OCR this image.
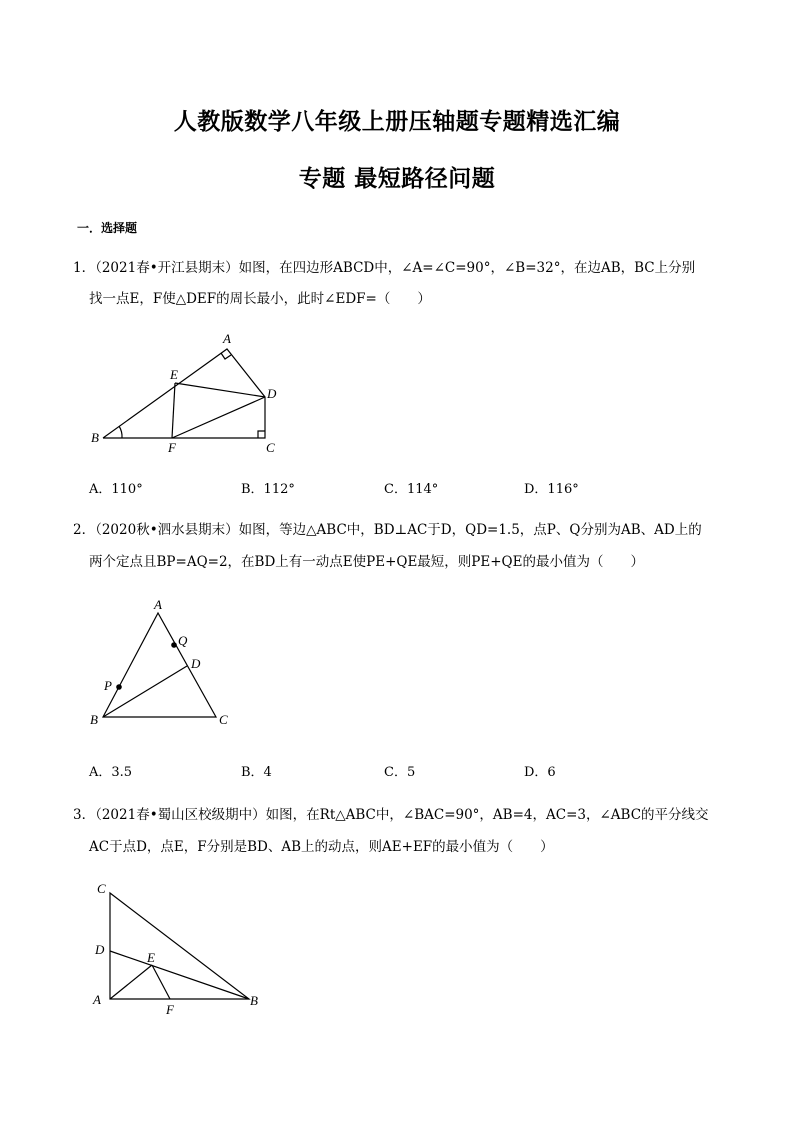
人教版数学八年级上册压轴题专题精选汇编
专题 最短路径问题
一．选择题
1．（2021春•开江县期末）如图，在四边形ABCD中，∠A=∠C=90°，∠B=32°，在边AB，BC上分别
找一点E，F使△DEF的周长最小，此时∠EDF=（　　）
A
B
C
D
E
F
A．110°	B．112°	C．114°	D．116°
2．（2020秋•泗水县期末）如图，等边△ABC中，BD⊥AC于D，QD=1.5，点P、Q分别为AB、AD上的
两个定点且BP=AQ=2，在BD上有一动点E使PE+QE最短，则PE+QE的最小值为（　　）
A
B	C
D
P
Q
A．3.5	B．4	C．5	D．6
3．（2021春•蜀山区校级期中）如图，在Rt△ABC中，∠BAC=90°，AB=4，AC=3，∠ABC的平分线交
AC于点D，点E，F分别是BD、AB上的动点，则AE+EF的最小值为（　　）
C
D
E
A	B
F
